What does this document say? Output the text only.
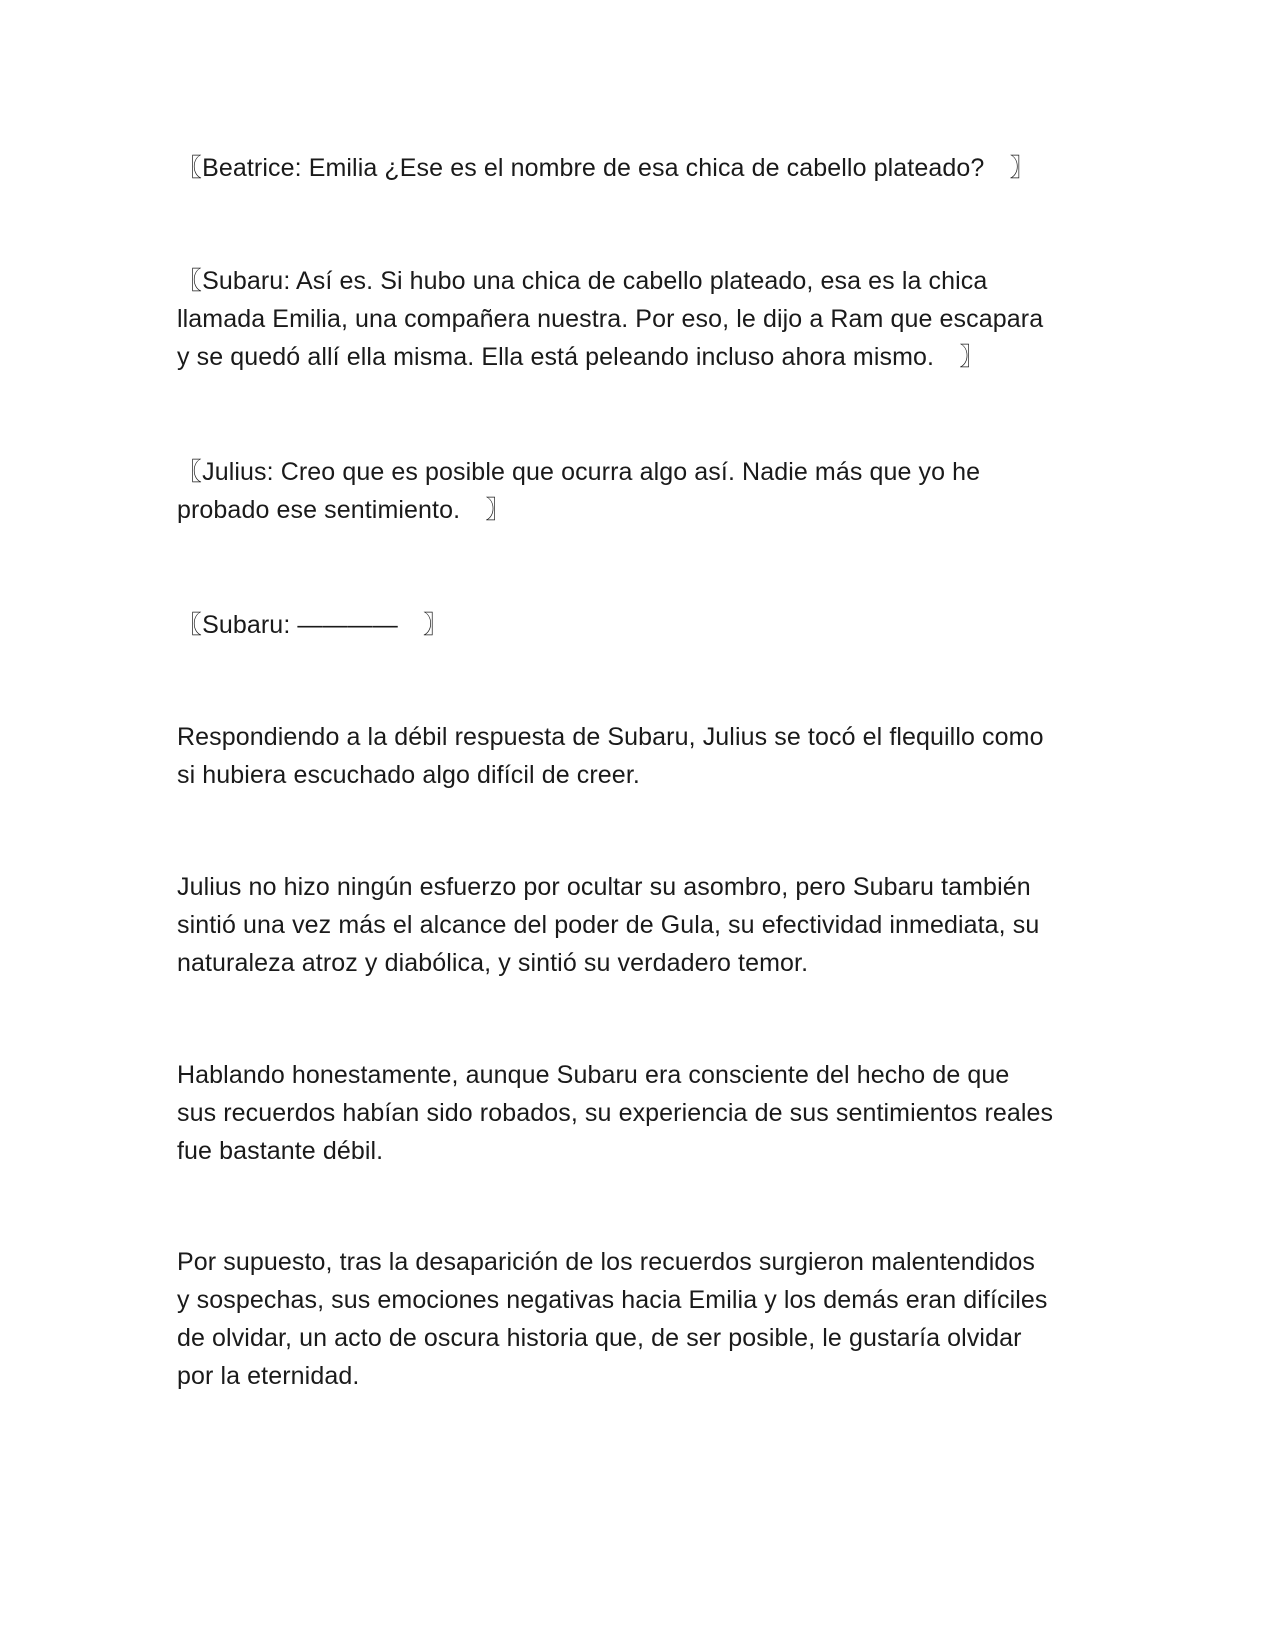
〖Beatrice: Emilia ¿Ese es el nombre de esa chica de cabello plateado?　〗

〖Subaru: Así es. Si hubo una chica de cabello plateado, esa es la chica
llamada Emilia, una compañera nuestra. Por eso, le dijo a Ram que escapara
y se quedó allí ella misma. Ella está peleando incluso ahora mismo.　〗

〖Julius: Creo que es posible que ocurra algo así. Nadie más que yo he
probado ese sentimiento.　〗

〖Subaru: ————　〗

Respondiendo a la débil respuesta de Subaru, Julius se tocó el flequillo como
si hubiera escuchado algo difícil de creer.

Julius no hizo ningún esfuerzo por ocultar su asombro, pero Subaru también
sintió una vez más el alcance del poder de Gula, su efectividad inmediata, su
naturaleza atroz y diabólica, y sintió su verdadero temor.

Hablando honestamente, aunque Subaru era consciente del hecho de que
sus recuerdos habían sido robados, su experiencia de sus sentimientos reales
fue bastante débil.

Por supuesto, tras la desaparición de los recuerdos surgieron malentendidos
y sospechas, sus emociones negativas hacia Emilia y los demás eran difíciles
de olvidar, un acto de oscura historia que, de ser posible, le gustaría olvidar
por la eternidad.
